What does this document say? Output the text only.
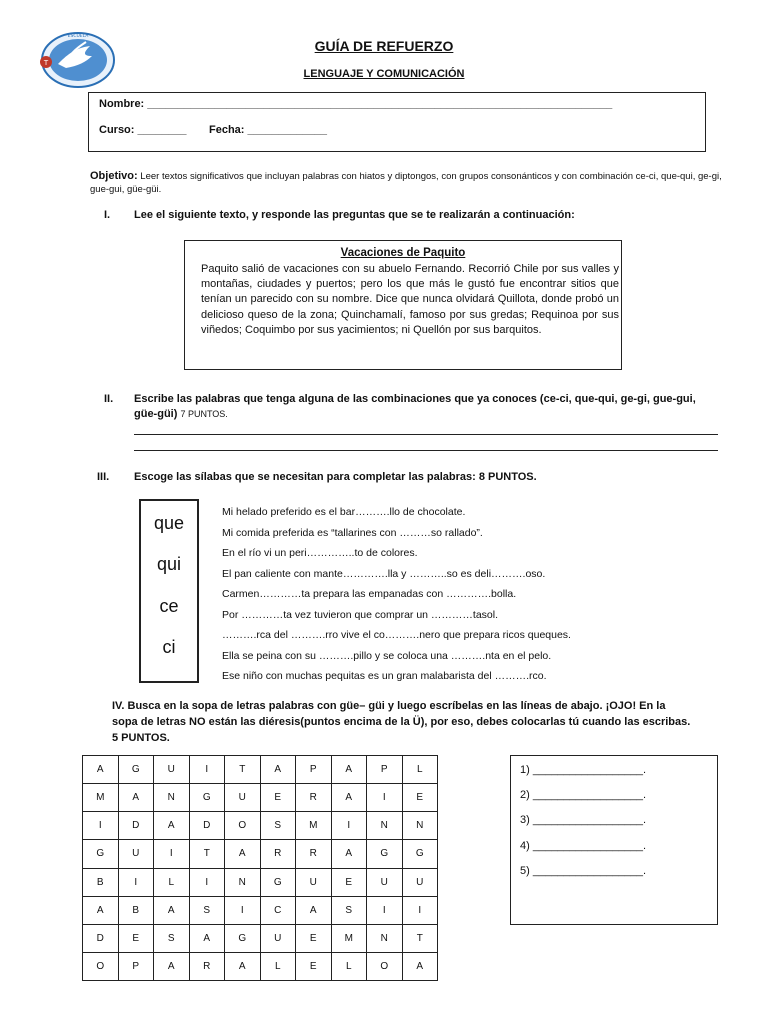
T
ESCUELA
GUÍA DE REFUERZO
LENGUAJE Y COMUNICACIÓN
Nombre: ____________________________________________________________________________
Curso: ________ Fecha: _____________
Objetivo: Leer textos significativos que incluyan palabras con hiatos y diptongos, con grupos consonánticos y con combinación ce-ci, que-qui, ge-gi, gue-gui, güe-güi.
I. Lee el siguiente texto, y responde las preguntas que se te realizarán a continuación:
Vacaciones de Paquito
Paquito salió de vacaciones con su abuelo Fernando. Recorrió Chile por sus valles y montañas, ciudades y puertos; pero los que más le gustó fue encontrar sitios que tenían un parecido con su nombre. Dice que nunca olvidará Quillota, donde probó un delicioso queso de la zona; Quinchamalí, famoso por sus gredas; Requinoa por sus viñedos; Coquimbo por sus yacimientos; ni Quellón por sus barquitos.
II. Escribe las palabras que tenga alguna de las combinaciones que ya conoces (ce-ci, que-qui, ge-gi, gue-gui, güe-güi) 7 PUNTOS.
III. Escoge las sílabas que se necesitan para completar las palabras: 8 PUNTOS.
que
qui
ce
ci
Mi helado preferido es el bar……….llo de chocolate.
Mi comida preferida es “tallarines con ………so rallado”.
En el río vi un peri…………..to de colores.
El pan caliente con mante………….lla y ………..so es deli……….oso.
Carmen…………ta prepara las empanadas con ………….bolla.
Por …………ta vez tuvieron que comprar un …………tasol.
……….rca del ……….rro vive el co……….nero que prepara ricos queques.
Ella se peina con su ……….pillo y se coloca una ……….nta en el pelo.
Ese niño con muchas pequitas es un gran malabarista del ……….rco.
IV. Busca en la sopa de letras palabras con güe– güi y luego escríbelas en las líneas de abajo. ¡OJO! En la
sopa de letras NO están las diéresis(puntos encima de la Ü), por eso, debes colocarlas tú cuando las escribas.
5 PUNTOS.
A	G	U	I	T	A	P	A	P	L
M	A	N	G	U	E	R	A	I	E
I	D	A	D	O	S	M	I	N	N
G	U	I	T	A	R	R	A	G	G
B	I	L	I	N	G	U	E	U	U
A	B	A	S	I	C	A	S	I	I
D	E	S	A	G	U	E	M	N	T
O	P	A	R	A	L	E	L	O	A
1) __________________.
2) __________________.
3) __________________.
4) __________________.
5) __________________.
